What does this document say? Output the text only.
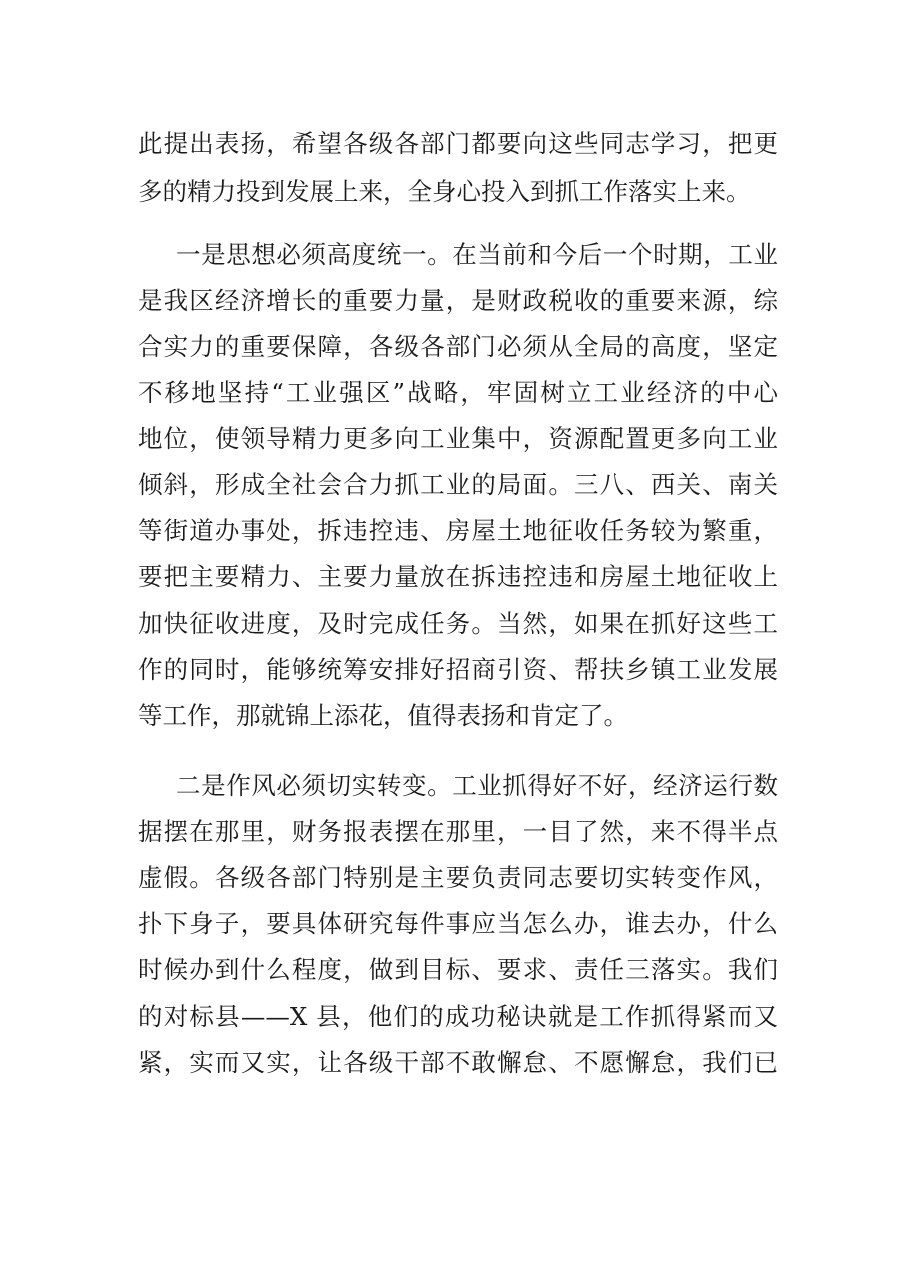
此提出表扬，希望各级各部门都要向这些同志学习，把更
多的精力投到发展上来，全身心投入到抓工作落实上来。
一是思想必须高度统一。在当前和今后一个时期，工业
是我区经济增长的重要力量，是财政税收的重要来源，综
合实力的重要保障，各级各部门必须从全局的高度，坚定
不移地坚持“工业强区”战略，牢固树立工业经济的中心
地位，使领导精力更多向工业集中，资源配置更多向工业
倾斜，形成全社会合力抓工业的局面。三八、西关、南关
等街道办事处，拆违控违、房屋土地征收任务较为繁重，
要把主要精力、主要力量放在拆违控违和房屋土地征收上
加快征收进度，及时完成任务。当然，如果在抓好这些工
作的同时，能够统筹安排好招商引资、帮扶乡镇工业发展
等工作，那就锦上添花，值得表扬和肯定了。
二是作风必须切实转变。工业抓得好不好，经济运行数
据摆在那里，财务报表摆在那里，一目了然，来不得半点
虚假。各级各部门特别是主要负责同志要切实转变作风，
扑下身子，要具体研究每件事应当怎么办，谁去办，什么
时候办到什么程度，做到目标、要求、责任三落实。我们
的对标县——X 县，他们的成功秘诀就是工作抓得紧而又
紧，实而又实，让各级干部不敢懈怠、不愿懈怠，我们已
